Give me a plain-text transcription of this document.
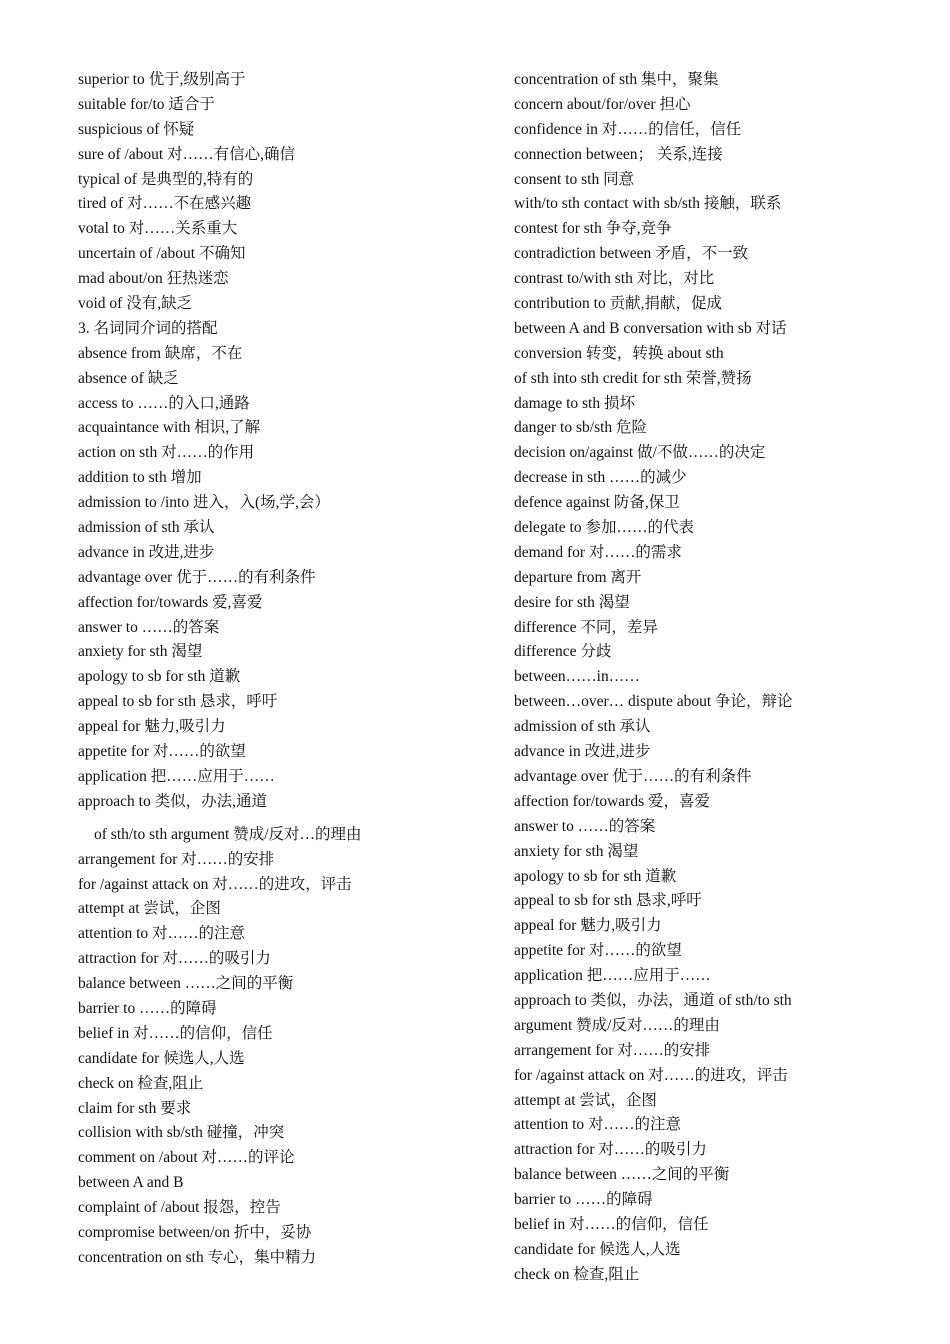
superior to 优于,级别高于
suitable for/to 适合于
suspicious of 怀疑
sure of /about 对……有信心,确信
typical of 是典型的,特有的
tired of 对……不在感兴趣
votal to 对……关系重大
uncertain of /about 不确知
mad about/on 狂热迷恋
void of 没有,缺乏
3. 名词同介词的搭配
absence from 缺席，不在
absence of 缺乏
access to ……的入口,通路
acquaintance with 相识,了解
action on sth 对……的作用
addition to sth 增加
admission to /into 进入，入(场,学,会）
admission of sth 承认
advance in 改进,进步
advantage over 优于……的有利条件
affection for/towards 爱,喜爱
answer to ……的答案
anxiety for sth 渴望
apology to sb for sth 道歉
appeal to sb for sth 恳求，呼吁
appeal for 魅力,吸引力
appetite for 对……的欲望
application 把……应用于……
approach to 类似，办法,通道
of sth/to sth argument 赞成/反对…的理由
arrangement for 对……的安排
for /against attack on 对……的进攻，评击
attempt at 尝试，企图
attention to 对……的注意
attraction for 对……的吸引力
balance between ……之间的平衡
barrier to ……的障碍
belief in 对……的信仰，信任
candidate for 候选人,人选
check on 检查,阻止
claim for sth 要求
collision with sb/sth 碰撞，冲突
comment on /about 对……的评论
between A and B
complaint of /about 报怨，控告
compromise between/on 折中，妥协
concentration on sth 专心，集中精力
concentration of sth 集中，聚集
concern about/for/over 担心
confidence in 对……的信任，信任
connection between； 关系,连接
consent to sth 同意
with/to sth contact with sb/sth 接触，联系
contest for sth 争夺,竞争
contradiction between 矛盾，不一致
contrast to/with sth 对比，对比
contribution to 贡献,捐献，促成
between A and B conversation with sb 对话
conversion 转变，转换 about sth
of sth into sth credit for sth 荣誉,赞扬
damage to sth 损坏
danger to sb/sth 危险
decision on/against 做/不做……的决定
decrease in sth ……的减少
defence against 防备,保卫
delegate to 参加……的代表
demand for 对……的需求
departure from 离开
desire for sth 渴望
difference 不同，差异
difference 分歧
between……in……
between…over… dispute about 争论，辩论
admission of sth 承认
advance in 改进,进步
advantage over 优于……的有利条件
affection for/towards 爱，喜爱
answer to ……的答案
anxiety for sth 渴望
apology to sb for sth 道歉
appeal to sb for sth 恳求,呼吁
appeal for 魅力,吸引力
appetite for 对……的欲望
application 把……应用于……
approach to 类似，办法，通道 of sth/to sth
argument 赞成/反对……的理由
arrangement for 对……的安排
for /against attack on 对……的进攻，评击
attempt at 尝试，企图
attention to 对……的注意
attraction for 对……的吸引力
balance between ……之间的平衡
barrier to ……的障碍
belief in 对……的信仰，信任
candidate for 候选人,人选
check on 检查,阻止
